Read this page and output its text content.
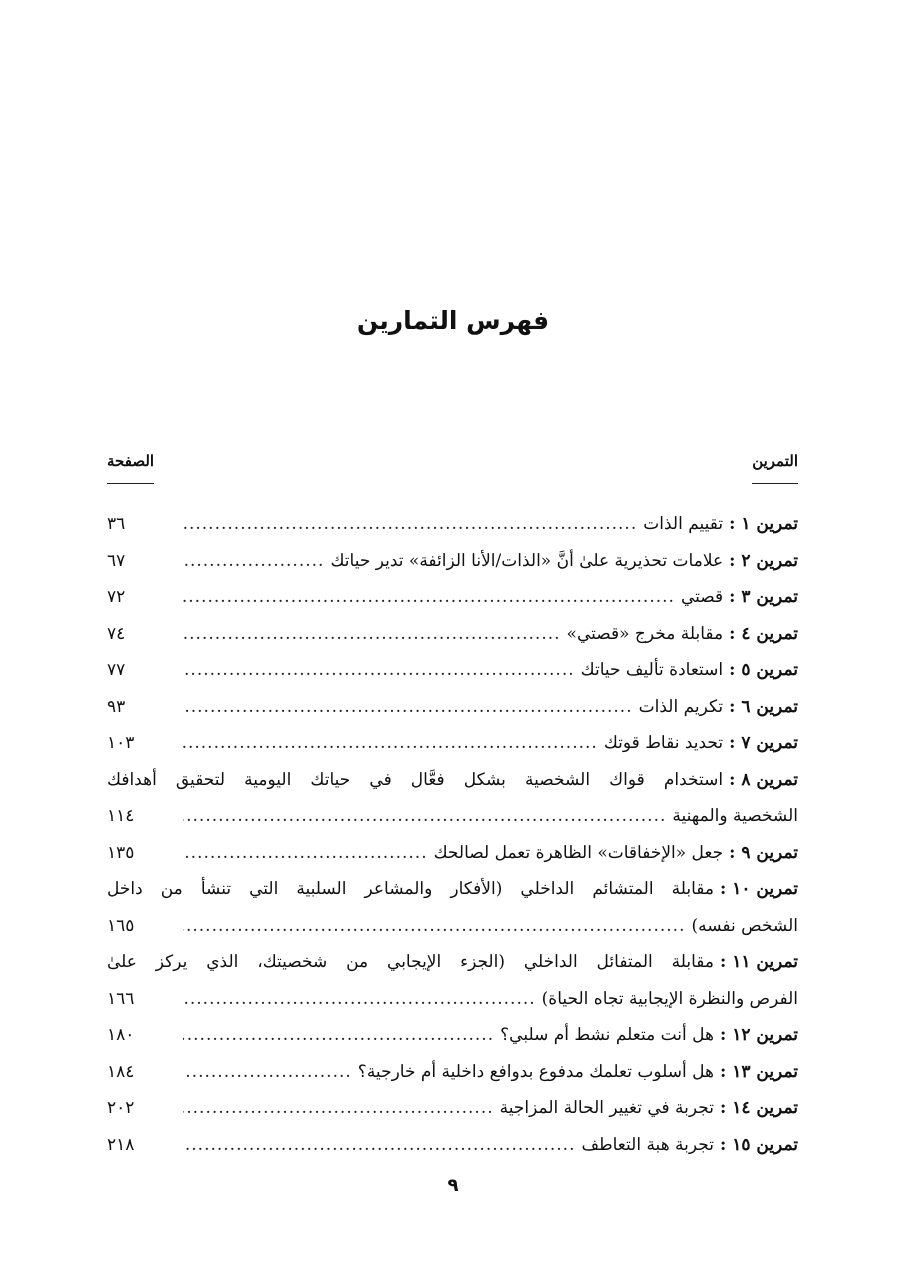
فهرس التمارين
التمرين
الصفحة
تمرين ١ :
تقييم الذات
.....
٣٦
تمرين ٢ :
علامات تحذيرية علىٰ أنَّ «الذات/الأنا الزائفة» تدير حياتك
.....
٦٧
تمرين ٣ :
قصتي
.....
٧٢
تمرين ٤ :
مقابلة مخرج «قصتي»
.....
٧٤
تمرين ٥ :
استعادة تأليف حياتك
.....
٧٧
تمرين ٦ :
تكريم الذات
.....
٩٣
تمرين ٧ :
تحديد نقاط قوتك
.....
١٠٣
تمرين ٨ :
استخدام قواك الشخصية بشكل فعَّال في حياتك اليومية لتحقيق أهدافك
الشخصية والمهنية
.....
١١٤
تمرين ٩ :
جعل «الإخفاقات» الظاهرة تعمل لصالحك
.....
١٣٥
تمرين ١٠ :
مقابلة المتشائم الداخلي (الأفكار والمشاعر السلبية التي تنشأ من داخل
الشخص نفسه)
.....
١٦٥
تمرين ١١ :
مقابلة المتفائل الداخلي (الجزء الإيجابي من شخصيتك، الذي يركز علىٰ
الفرص والنظرة الإيجابية تجاه الحياة)
.....
١٦٦
تمرين ١٢ :
هل أنت متعلم نشط أم سلبي؟
.....
١٨٠
تمرين ١٣ :
هل أسلوب تعلمك مدفوع بدوافع داخلية أم خارجية؟
.....
١٨٤
تمرين ١٤ :
تجربة في تغيير الحالة المزاجية
.....
٢٠٢
تمرين ١٥ :
تجربة هبة التعاطف
.....
٢١٨
٩
